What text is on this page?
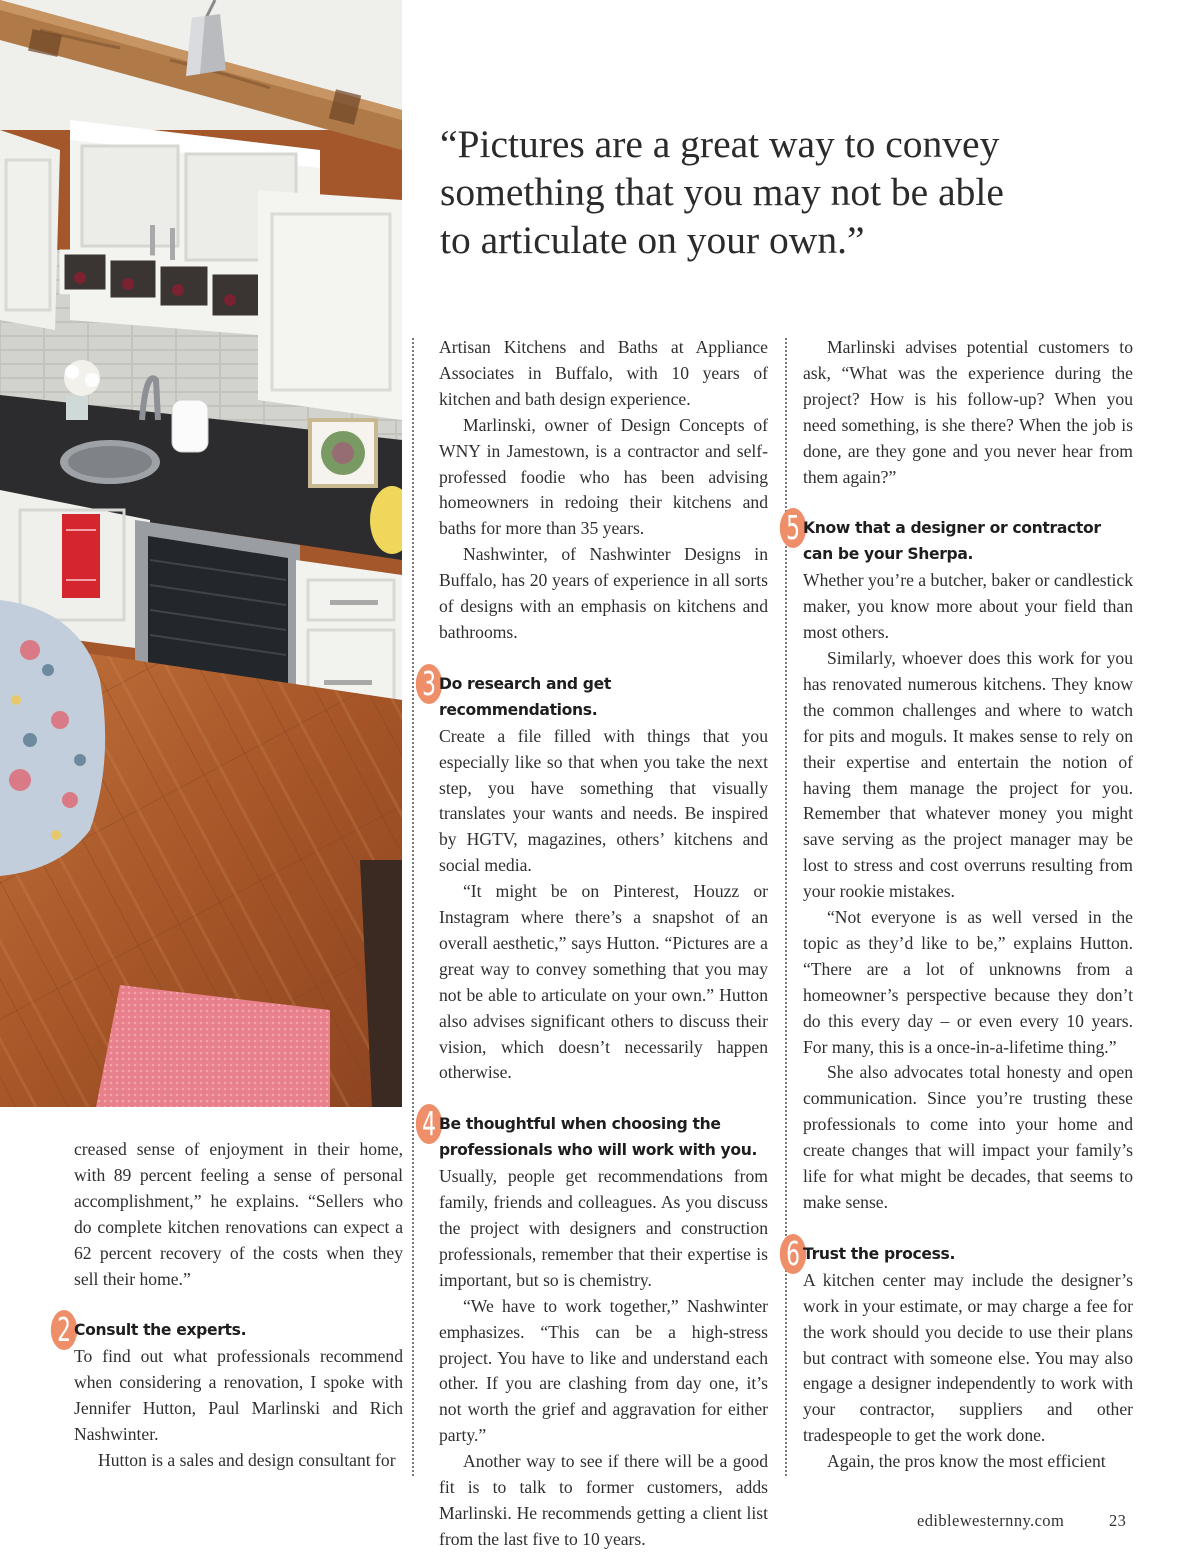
“Pictures are a great way to convey
something that you may not be able
to articulate on your own.”

creased sense of enjoyment in their home, with 89 percent feeling a sense of personal accomplishment,” he explains. “Sellers who do complete kitchen renovations can expect a 62 percent recovery of the costs when they sell their home.”

2 Consult the experts.

To find out what professionals recommend when considering a renovation, I spoke with Jennifer Hutton, Paul Marlinski and Rich Nashwinter.

Hutton is a sales and design consultant for

Artisan Kitchens and Baths at Appliance Associates in Buffalo, with 10 years of kitchen and bath design experience.

Marlinski, owner of Design Concepts of WNY in Jamestown, is a contractor and self-professed foodie who has been advising homeowners in redoing their kitchens and baths for more than 35 years.

Nashwinter, of Nashwinter Designs in Buffalo, has 20 years of experience in all sorts of designs with an emphasis on kitchens and bathrooms.

3 Do research and get recommendations.

Create a file filled with things that you especially like so that when you take the next step, you have something that visually translates your wants and needs. Be inspired by HGTV, magazines, others’ kitchens and social media.

“It might be on Pinterest, Houzz or Instagram where there’s a snapshot of an overall aesthetic,” says Hutton. “Pictures are a great way to convey something that you may not be able to articulate on your own.” Hutton also advises significant others to discuss their vision, which doesn’t necessarily happen otherwise.

4 Be thoughtful when choosing the professionals who will work with you.

Usually, people get recommendations from family, friends and colleagues. As you discuss the project with designers and construction professionals, remember that their expertise is important, but so is chemistry.

“We have to work together,” Nashwinter emphasizes. “This can be a high-stress project. You have to like and understand each other. If you are clashing from day one, it’s not worth the grief and aggravation for either party.”

Another way to see if there will be a good fit is to talk to former customers, adds Marlinski. He recommends getting a client list from the last five to 10 years.

Marlinski advises potential customers to ask, “What was the experience during the project? How is his follow-up? When you need something, is she there? When the job is done, are they gone and you never hear from them again?”

5 Know that a designer or contractor can be your Sherpa.

Whether you’re a butcher, baker or candlestick maker, you know more about your field than most others.

Similarly, whoever does this work for you has renovated numerous kitchens. They know the common challenges and where to watch for pits and moguls. It makes sense to rely on their expertise and entertain the notion of having them manage the project for you. Remember that whatever money you might save serving as the project manager may be lost to stress and cost overruns resulting from your rookie mistakes.

“Not everyone is as well versed in the topic as they’d like to be,” explains Hutton. “There are a lot of unknowns from a homeowner’s perspective because they don’t do this every day – or even every 10 years. For many, this is a once-in-a-lifetime thing.”

She also advocates total honesty and open communication. Since you’re trusting these professionals to come into your home and create changes that will impact your family’s life for what might be decades, that seems to make sense.

6 Trust the process.

A kitchen center may include the designer’s work in your estimate, or may charge a fee for the work should you decide to use their plans but contract with someone else. You may also engage a designer independently to work with your contractor, suppliers and other tradespeople to get the work done.

Again, the pros know the most efficient

ediblewesternny.com	23
